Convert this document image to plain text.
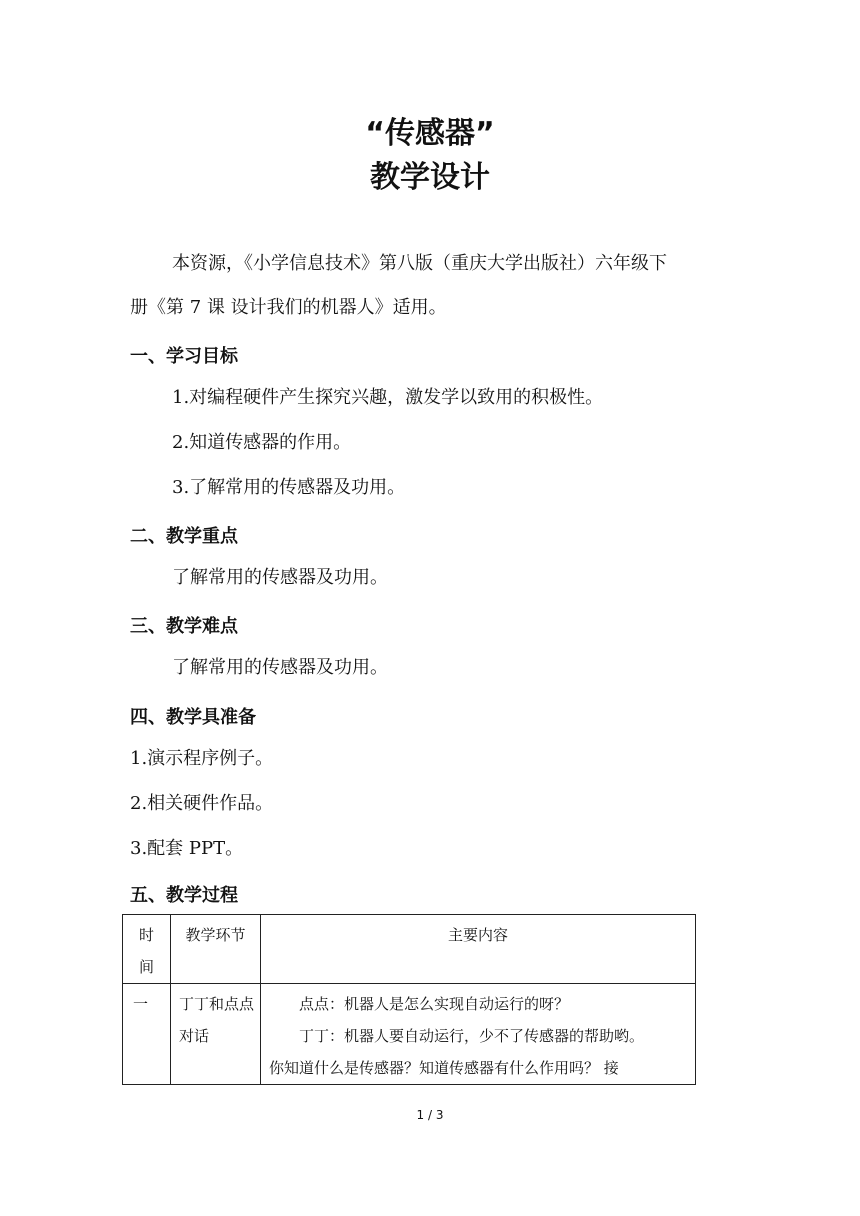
“传感器”
教学设计
本资源，《小学信息技术》第八版（重庆大学出版社）六年级下
册《第 7 课 设计我们的机器人》适用。
一、学习目标
1.对编程硬件产生探究兴趣，激发学以致用的积极性。
2.知道传感器的作用。
3.了解常用的传感器及功用。
二、教学重点
了解常用的传感器及功用。
三、教学难点
了解常用的传感器及功用。
四、教学具准备
1.演示程序例子。
2.相关硬件作品。
3.配套 PPT。
五、教学过程
时间	教学环节	主要内容

一	丁丁和点点对话	点点：机器人是怎么实现自动运行的呀？

丁丁：机器人要自动运行，少不了传感器的帮助哟。

你知道什么是传感器？知道传感器有什么作用吗？ 接

1 / 3
